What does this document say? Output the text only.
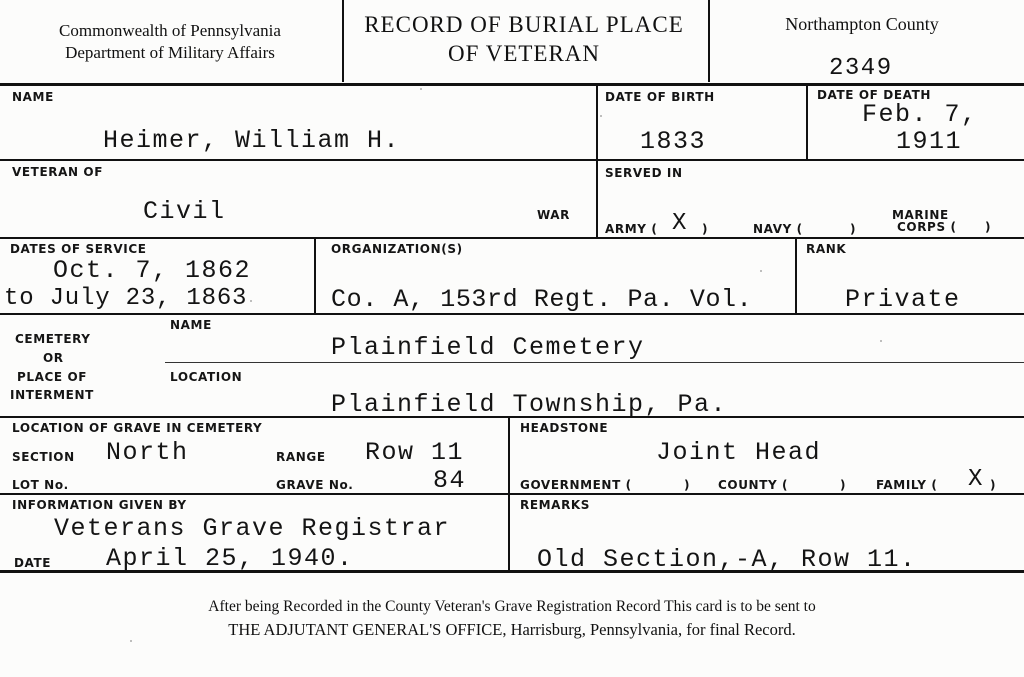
Commonwealth of Pennsylvania
Department of Military Affairs
RECORD OF BURIAL PLACE
OF VETERAN
Northampton County
2349
NAME
Heimer, William H.
DATE OF BIRTH
1833
DATE OF DEATH
Feb. 7,
1911
VETERAN OF
Civil	WAR
SERVED IN
ARMY ( X )	NAVY (	)
MARINE
CORPS ( )
DATES OF SERVICE
Oct. 7, 1862
to July 23, 1863
ORGANIZATION(S)
Co. A, 153rd Regt. Pa. Vol.
RANK
Private
CEMETERY
OR
PLACE OF
INTERMENT
NAME
Plainfield Cemetery
LOCATION
Plainfield Township, Pa.
LOCATION OF GRAVE IN CEMETERY
SECTION North	RANGE Row 11
LOT No.	GRAVE No.	84
HEADSTONE
Joint Head
GOVERNMENT (	) COUNTY (	) FAMILY ( X )
INFORMATION GIVEN BY
Veterans Grave Registrar
DATE April 25, 1940.
REMARKS
Old Section,-A, Row 11.
After being Recorded in the County Veteran's Grave Registration Record This card is to be sent to
THE ADJUTANT GENERAL'S OFFICE, Harrisburg, Pennsylvania, for final Record.
